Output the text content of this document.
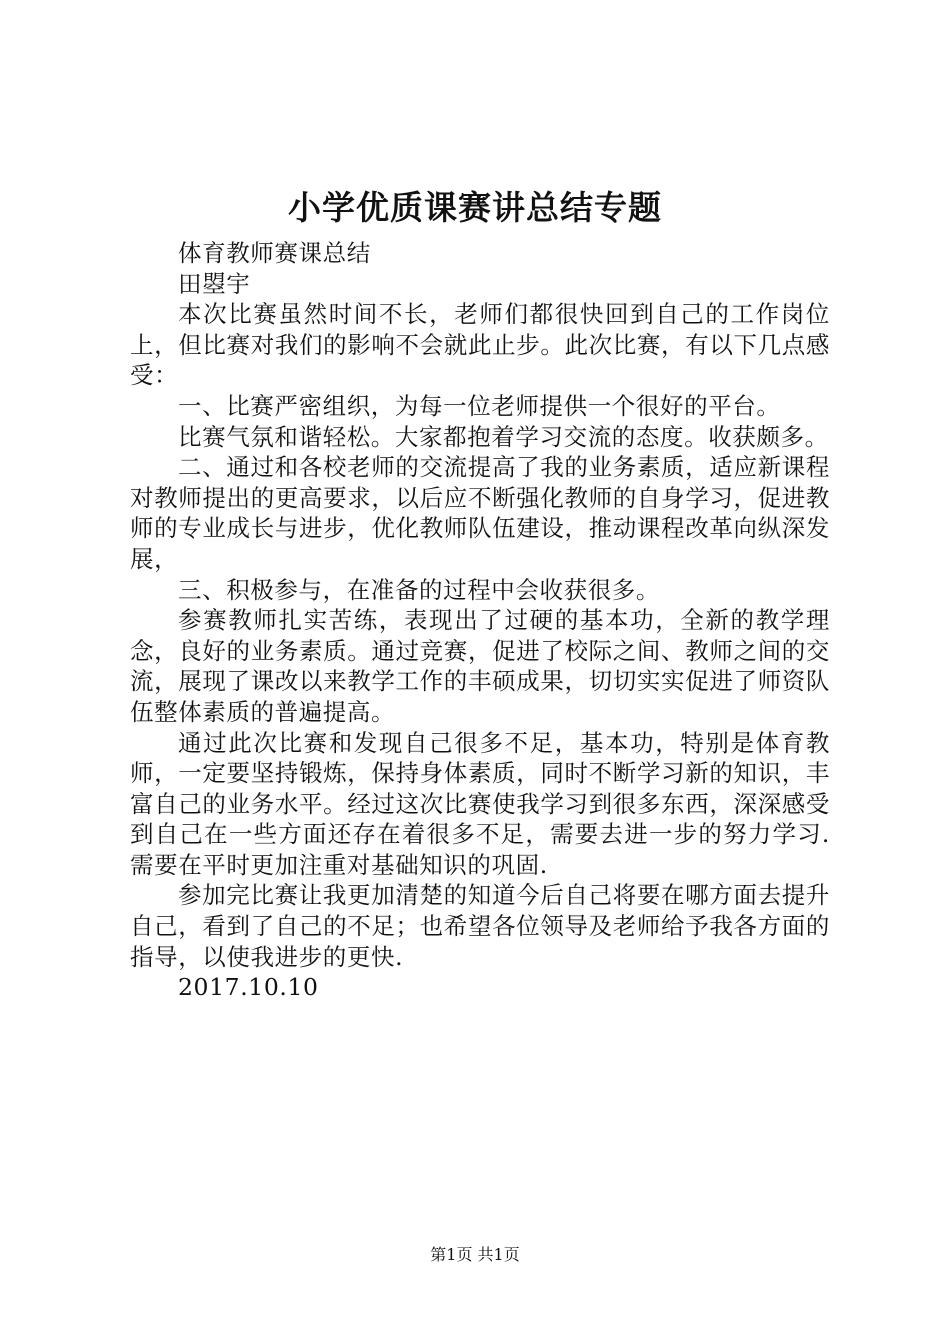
小学优质课赛讲总结专题

体育教师赛课总结

田曌宇

本次比赛虽然时间不长，老师们都很快回到自己的工作岗位上，但比赛对我们的影响不会就此止步。此次比赛，有以下几点感受：

一、比赛严密组织，为每一位老师提供一个很好的平台。

比赛气氛和谐轻松。大家都抱着学习交流的态度。收获颇多。

二、通过和各校老师的交流提高了我的业务素质，适应新课程对教师提出的更高要求，以后应不断强化教师的自身学习，促进教师的专业成长与进步，优化教师队伍建设，推动课程改革向纵深发展，

三、积极参与，在准备的过程中会收获很多。

参赛教师扎实苦练，表现出了过硬的基本功，全新的教学理念，良好的业务素质。通过竞赛，促进了校际之间、教师之间的交流，展现了课改以来教学工作的丰硕成果，切切实实促进了师资队伍整体素质的普遍提高。

通过此次比赛和发现自己很多不足，基本功，特别是体育教师，一定要坚持锻炼，保持身体素质，同时不断学习新的知识，丰富自己的业务水平。经过这次比赛使我学习到很多东西，深深感受到自己在一些方面还存在着很多不足，需要去进一步的努力学习.需要在平时更加注重对基础知识的巩固.

参加完比赛让我更加清楚的知道今后自己将要在哪方面去提升自己，看到了自己的不足；也希望各位领导及老师给予我各方面的指导，以使我进步的更快.

2017.10.10

第1页 共1页
